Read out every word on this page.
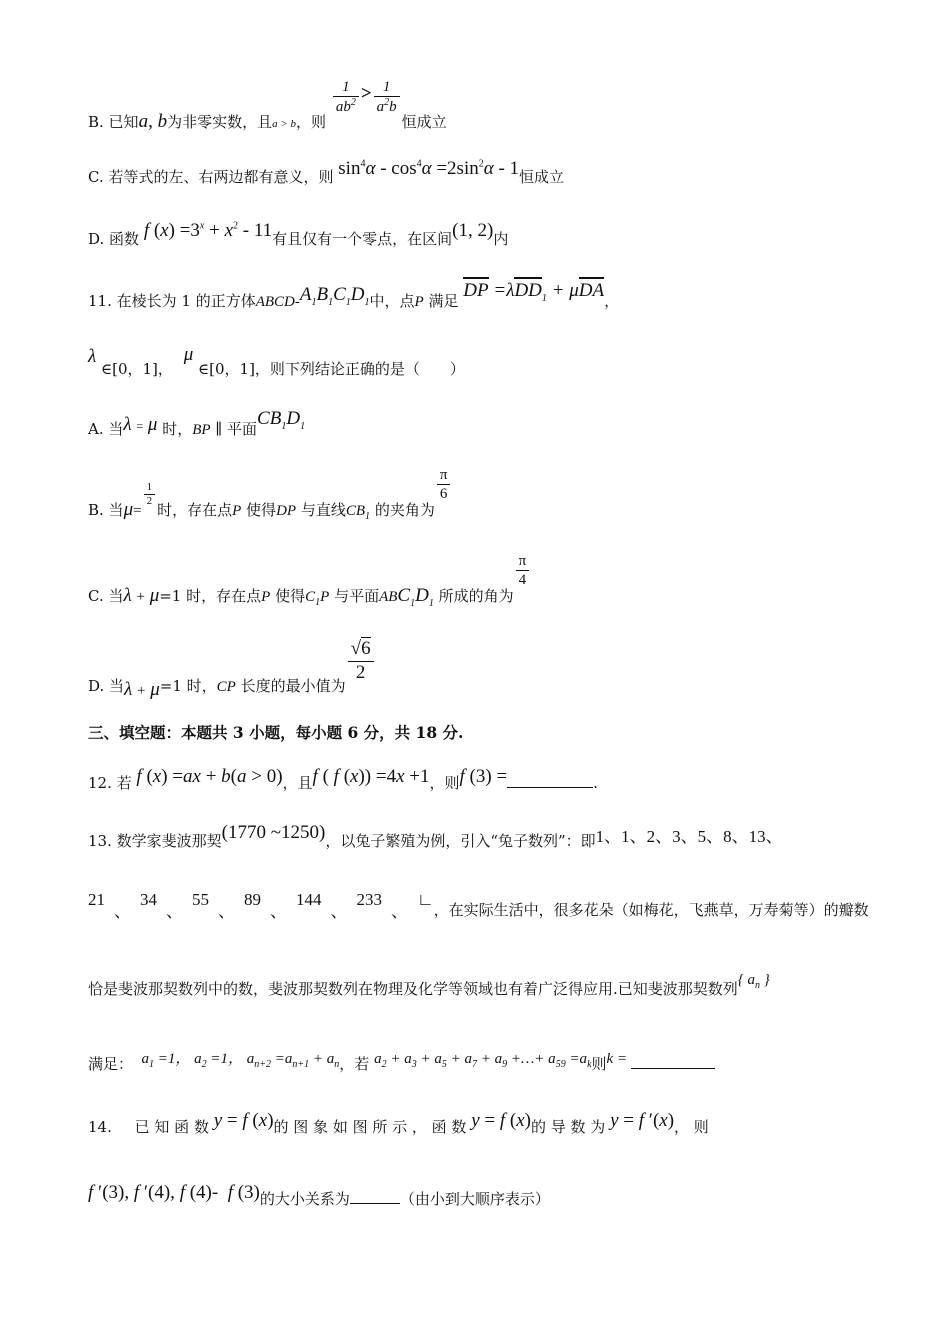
B. 已知a, b为非零实数，且$_{a > b}$，则
$\frac{1}{ab^2} > \frac{1}{a^2b}$
恒成立
C. 若等式的左、右两边都有意义，则 $\sin^4\alpha - \cos^4\alpha =2\sin^2\alpha - 1$恒成立
D. 函数 f $(x) =3^x + x^2 - 11$有且仅有一个零点，在区间(1, 2)内
11. 在棱长为 1 的正方体ABCD-$A_1B_1C_1D_1$中，点P 满足 DP =λDD$_1$ + μDA，
λ ∈[0，1]， μ ∈[0，1]，则下列结论正确的是（　　）
A. 当λ = μ 时，BP ∥ 平面$CB_1D_1$
B. 当μ=
$\frac{1}{2}$
时，存在点P 使得DP 与直线$CB_1$ 的夹角为
$\frac{\pi}{6}$
C. 当λ + μ=1 时，存在点P 使得$C_1P$ 与平面$ABC_1D_1$ 所成的角为
$\frac{\pi}{4}$
D. 当λ + μ=1 时，CP 长度的最小值为
$\frac{√6}{2}$
三、填空题：本题共 3 小题，每小题 6 分，共 18 分.
12. 若 f (x) =ax + b(a > 0)，且f ( f (x)) =4x +1，则f (3) =	.
13. 数学家斐波那契(1770 ~1250)，以兔子繁殖为例，引入“兔子数列”：即1、1、2、3、5、8、13、
21、34、55、89、144、233、∟，在实际生活中，很多花朵（如梅花，飞燕草，万寿菊等）的瓣数
恰是斐波那契数列中的数，斐波那契数列在物理及化学等领域也有着广泛得应用.已知斐波那契数列{ $a_n$ }
满足：  $a_1 =1$， $a_2 =1$， $a_{n+2} =a_{n+1} + a_n$，若 $a_2 + a_3 + a_5 + a_7 + a_9$ +…+ $a_{59} =a_k$则k =
14. 已 知 函 数 y = f (x)的 图 象 如 图 所 示 ， 函 数 y = f (x)的 导 数 为 y = f ′(x)， 则
f ′(3), f ′(4), f (4)-  f (3)的大小关系为	（由小到大顺序表示）
